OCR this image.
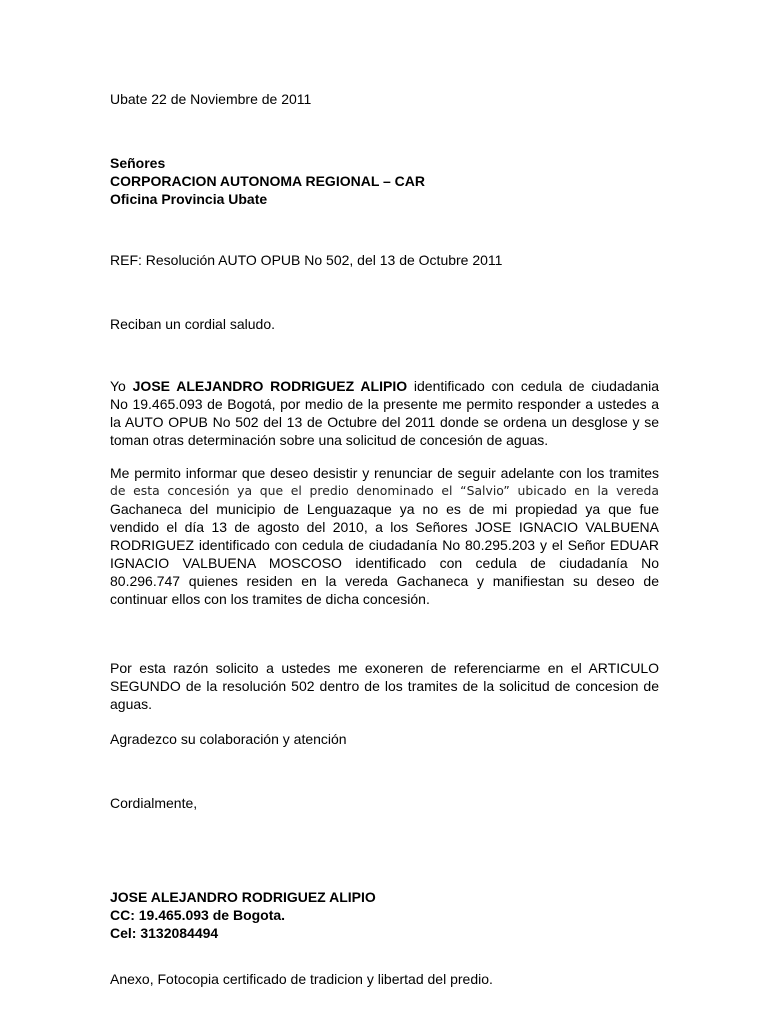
Ubate 22 de Noviembre de 2011
Señores
CORPORACION AUTONOMA REGIONAL – CAR
Oficina Provincia Ubate
REF: Resolución AUTO OPUB No 502, del 13 de Octubre 2011
Reciban un cordial saludo.
Yo JOSE ALEJANDRO RODRIGUEZ ALIPIO identificado con cedula de ciudadania
No 19.465.093 de Bogotá, por medio de la presente me permito responder a ustedes a
la AUTO OPUB No 502 del 13 de Octubre del 2011 donde se ordena un desglose y se
toman otras determinación sobre una solicitud de concesión de aguas.
Me permito informar que deseo desistir y renunciar de seguir adelante con los tramites
de esta concesión ya que el predio denominado el “Salvio” ubicado en la vereda
Gachaneca del municipio de Lenguazaque ya no es de mi propiedad ya que fue
vendido el día 13 de agosto del 2010, a los Señores JOSE IGNACIO VALBUENA
RODRIGUEZ identificado con cedula de ciudadanía No 80.295.203 y el Señor EDUAR
IGNACIO VALBUENA MOSCOSO identificado con cedula de ciudadanía No
80.296.747 quienes residen en la vereda Gachaneca y manifiestan su deseo de
continuar ellos con los tramites de dicha concesión.
Por esta razón solicito a ustedes me exoneren de referenciarme en el ARTICULO
SEGUNDO de la resolución 502 dentro de los tramites de la solicitud de concesion de
aguas.
Agradezco su colaboración y atención
Cordialmente,
JOSE ALEJANDRO RODRIGUEZ ALIPIO
CC: 19.465.093 de Bogota.
Cel: 3132084494
Anexo, Fotocopia certificado de tradicion y libertad del predio.
